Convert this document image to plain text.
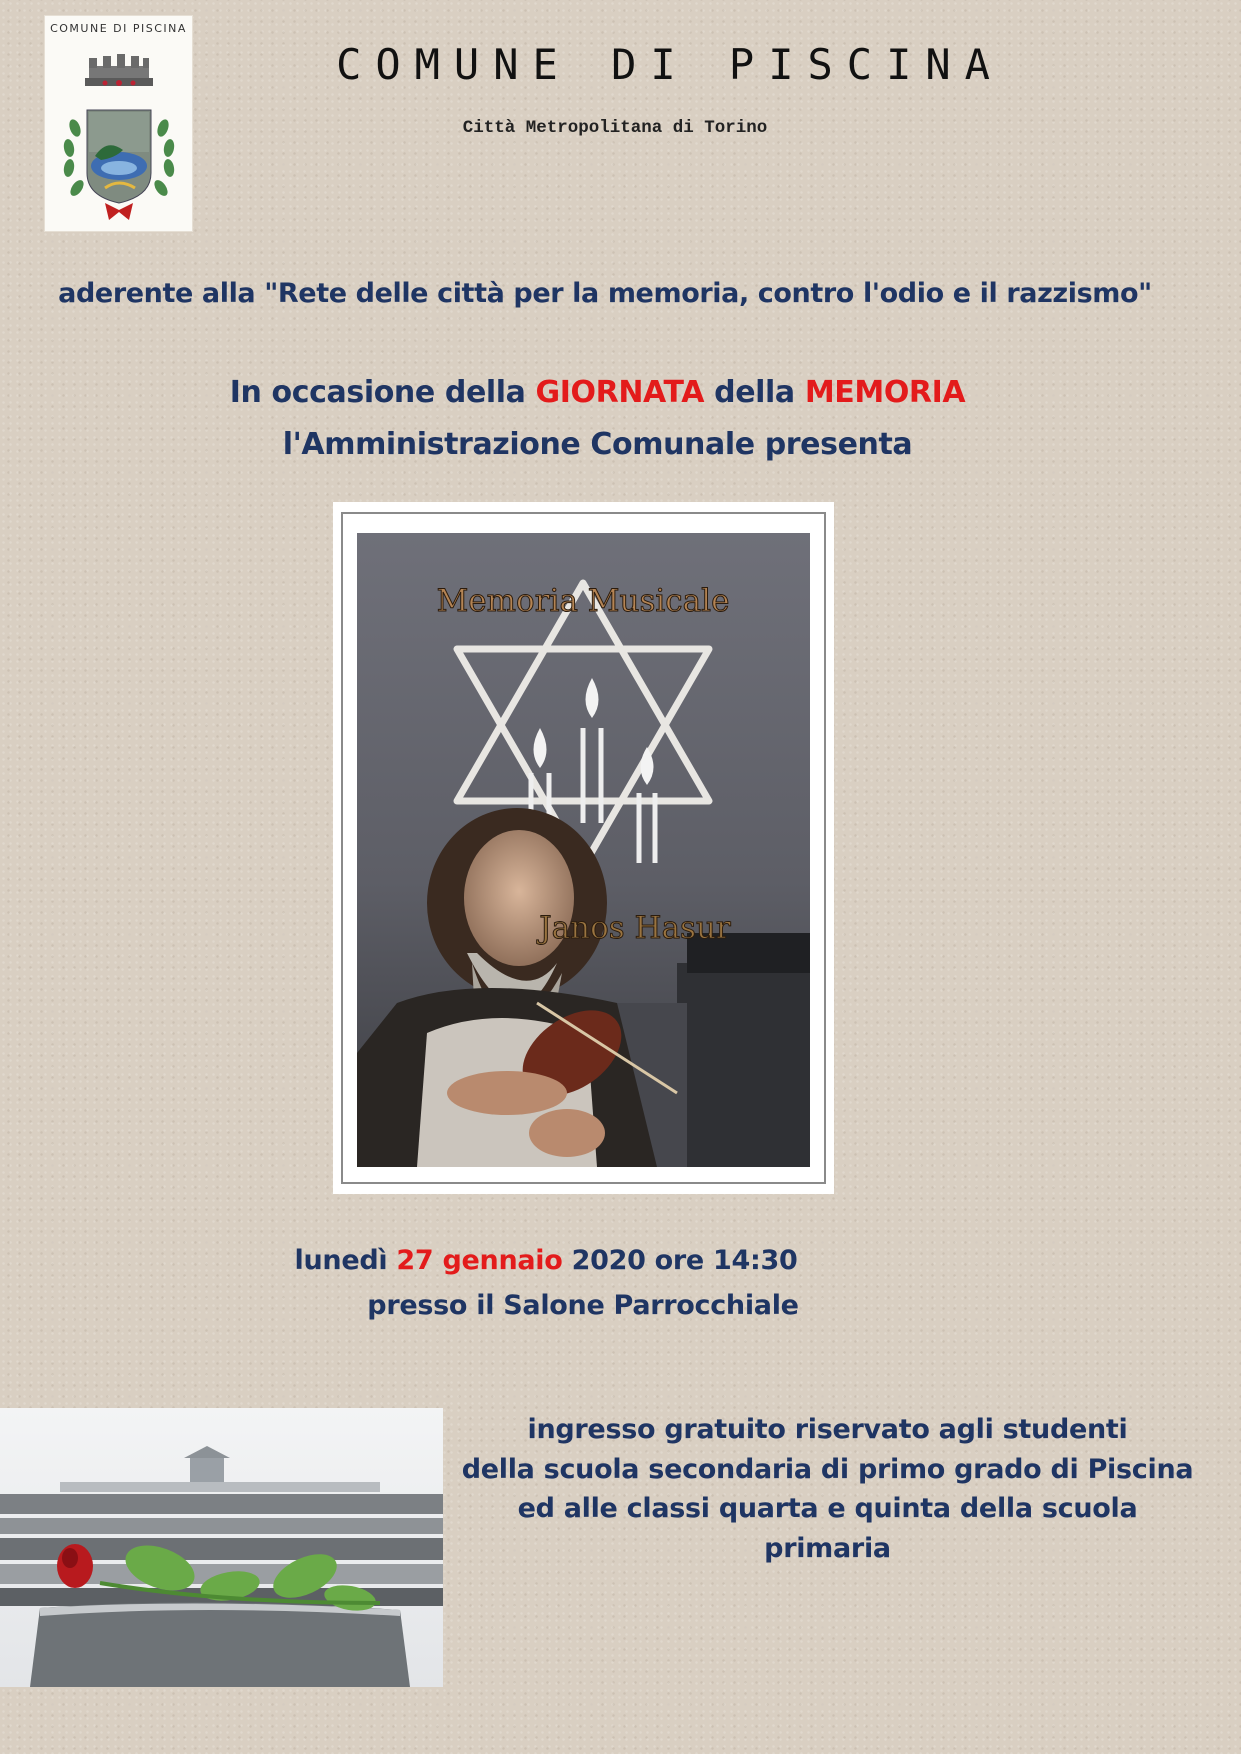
COMUNE DI PISCINA
COMUNE DI PISCINA
Città Metropolitana di Torino
aderente alla "Rete delle città per la memoria, contro l'odio e il razzismo"
In occasione della GIORNATA della MEMORIA
l'Amministrazione Comunale presenta
Memoria Musicale
Janos Hasur
lunedì 27 gennaio 2020 ore 14:30
presso il Salone Parrocchiale
ingresso gratuito riservato agli studenti
della scuola secondaria di primo grado di Piscina
ed alle classi quarta e quinta della scuola primaria
